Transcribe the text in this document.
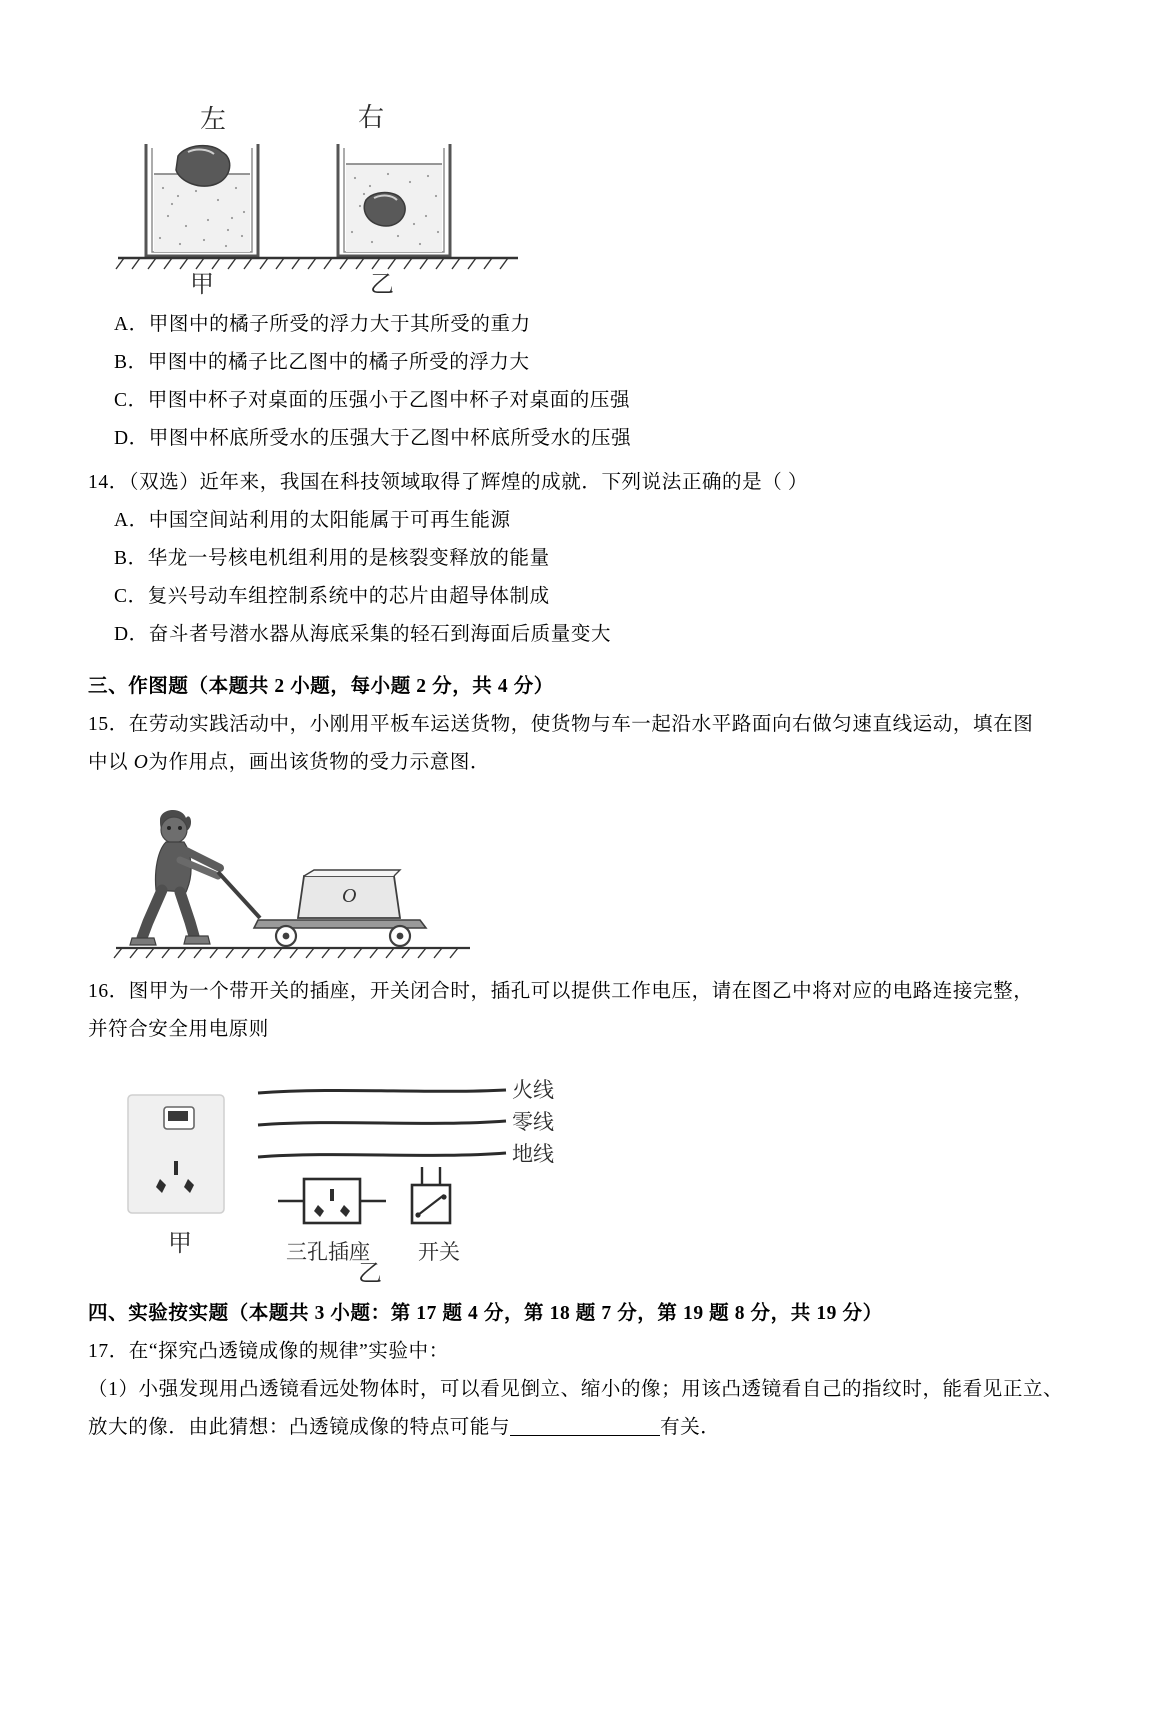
左	右
甲	乙
A．甲图中的橘子所受的浮力大于其所受的重力
B．甲图中的橘子比乙图中的橘子所受的浮力大
C．甲图中杯子对桌面的压强小于乙图中杯子对桌面的压强
D．甲图中杯底所受水的压强大于乙图中杯底所受水的压强
14．（双选）近年来，我国在科技领域取得了辉煌的成就．下列说法正确的是（ ）
A．中国空间站利用的太阳能属于可再生能源
B．华龙一号核电机组利用的是核裂变释放的能量
C．复兴号动车组控制系统中的芯片由超导体制成
D．奋斗者号潜水器从海底采集的轻石到海面后质量变大
三、作图题（本题共 2 小题，每小题 2 分，共 4 分）
15．在劳动实践活动中，小刚用平板车运送货物，使货物与车一起沿水平路面向右做匀速直线运动，填在图
中以 O为作用点，画出该货物的受力示意图．
O
16．图甲为一个带开关的插座，开关闭合时，插孔可以提供工作电压，请在图乙中将对应的电路连接完整，
并符合安全用电原则
甲
火线
零线
地线
三孔插座 开关
乙
四、实验按实题（本题共 3 小题：第 17 题 4 分，第 18 题 7 分，第 19 题 8 分，共 19 分）
17．在“探究凸透镜成像的规律”实验中：
（1）小强发现用凸透镜看远处物体时，可以看见倒立、缩小的像；用该凸透镜看自己的指纹时，能看见正立、
放大的像．由此猜想：凸透镜成像的特点可能与	有关．
